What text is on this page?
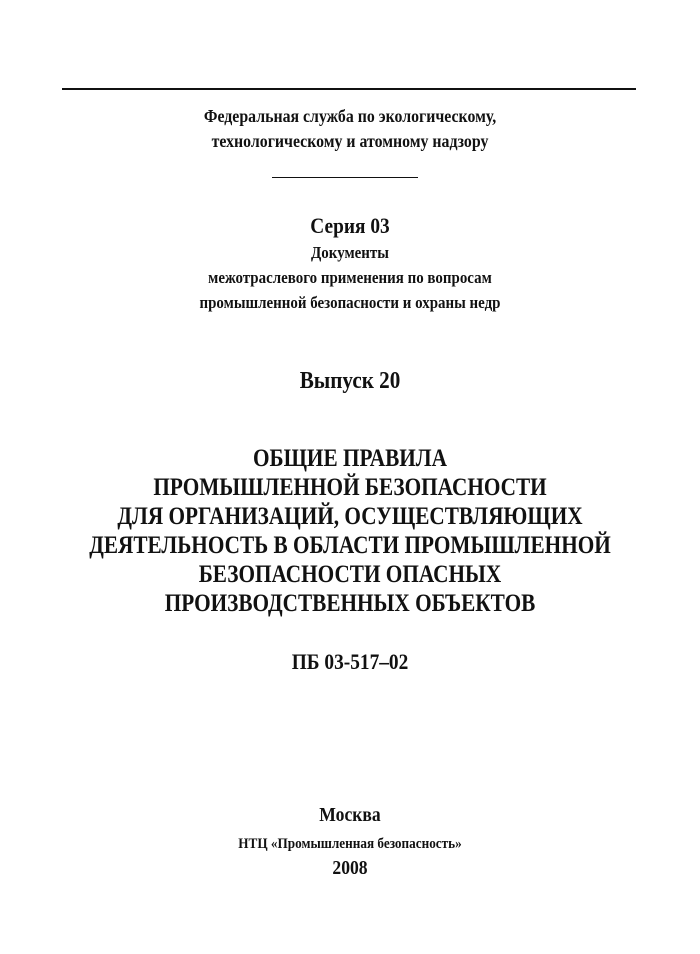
Федеральная служба по экологическому,
технологическому и атомному надзору
Серия 03
Документы
межотраслевого применения по вопросам
промышленной безопасности и охраны недр
Выпуск 20
ОБЩИЕ ПРАВИЛА
ПРОМЫШЛЕННОЙ БЕЗОПАСНОСТИ
ДЛЯ ОРГАНИЗАЦИЙ, ОСУЩЕСТВЛЯЮЩИХ
ДЕЯТЕЛЬНОСТЬ В ОБЛАСТИ ПРОМЫШЛЕННОЙ
БЕЗОПАСНОСТИ ОПАСНЫХ
ПРОИЗВОДСТВЕННЫХ ОБЪЕКТОВ
ПБ 03-517–02
Москва
НТЦ «Промышленная безопасность»
2008
